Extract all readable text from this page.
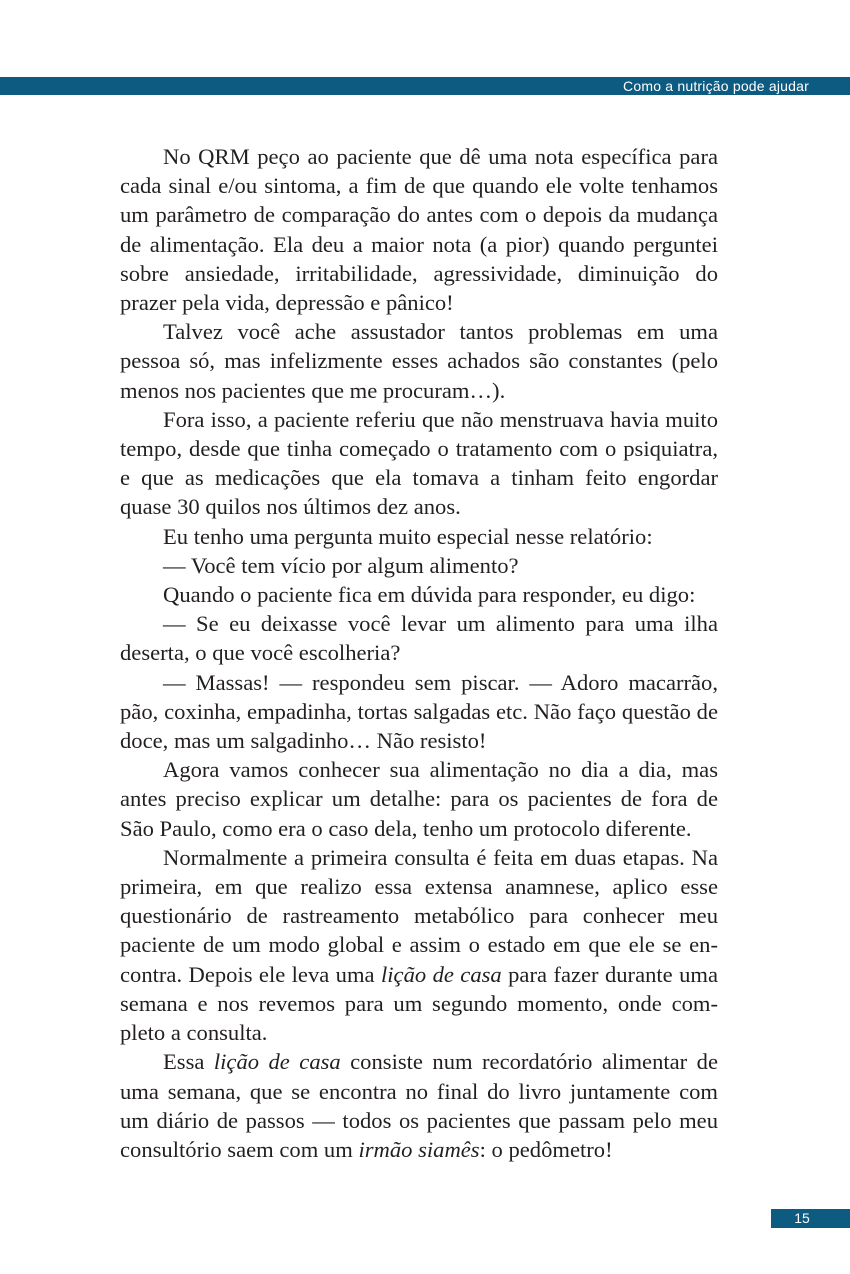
Como a nutrição pode ajudar

No QRM peço ao paciente que dê uma nota específica para cada sinal e/ou sintoma, a fim de que quando ele volte tenhamos um parâmetro de comparação do antes com o depois da mudança de alimentação. Ela deu a maior nota (a pior) quando perguntei sobre ansiedade, irritabilidade, agressividade, diminuição do prazer pela vida, depressão e pânico!

Talvez você ache assustador tantos problemas em uma pessoa só, mas infelizmente esses achados são constantes (pelo menos nos pacientes que me procuram…).

Fora isso, a paciente referiu que não menstruava havia muito tempo, desde que tinha começado o tratamento com o psiquiatra, e que as medicações que ela tomava a tinham feito engordar quase 30 quilos nos últimos dez anos.

Eu tenho uma pergunta muito especial nesse relatório:

— Você tem vício por algum alimento?

Quando o paciente fica em dúvida para responder, eu digo:

— Se eu deixasse você levar um alimento para uma ilha deserta, o que você escolheria?

— Massas! — respondeu sem piscar. — Adoro macarrão, pão, coxinha, empadinha, tortas salgadas etc. Não faço questão de doce, mas um salgadinho… Não resisto!

Agora vamos conhecer sua alimentação no dia a dia, mas antes preciso explicar um detalhe: para os pacientes de fora de São Paulo, como era o caso dela, tenho um protocolo diferente.

Normalmente a primeira consulta é feita em duas etapas. Na primeira, em que realizo essa extensa anamnese, aplico esse questionário de rastreamento metabólico para conhecer meu paciente de um modo global e assim o estado em que ele se encontra. Depois ele leva uma lição de casa para fazer durante uma semana e nos revemos para um segundo momento, onde completo a consulta.

Essa lição de casa consiste num recordatório alimentar de uma semana, que se encontra no final do livro juntamente com um diário de passos — todos os pacientes que passam pelo meu consultório saem com um irmão siamês: o pedômetro!

15
